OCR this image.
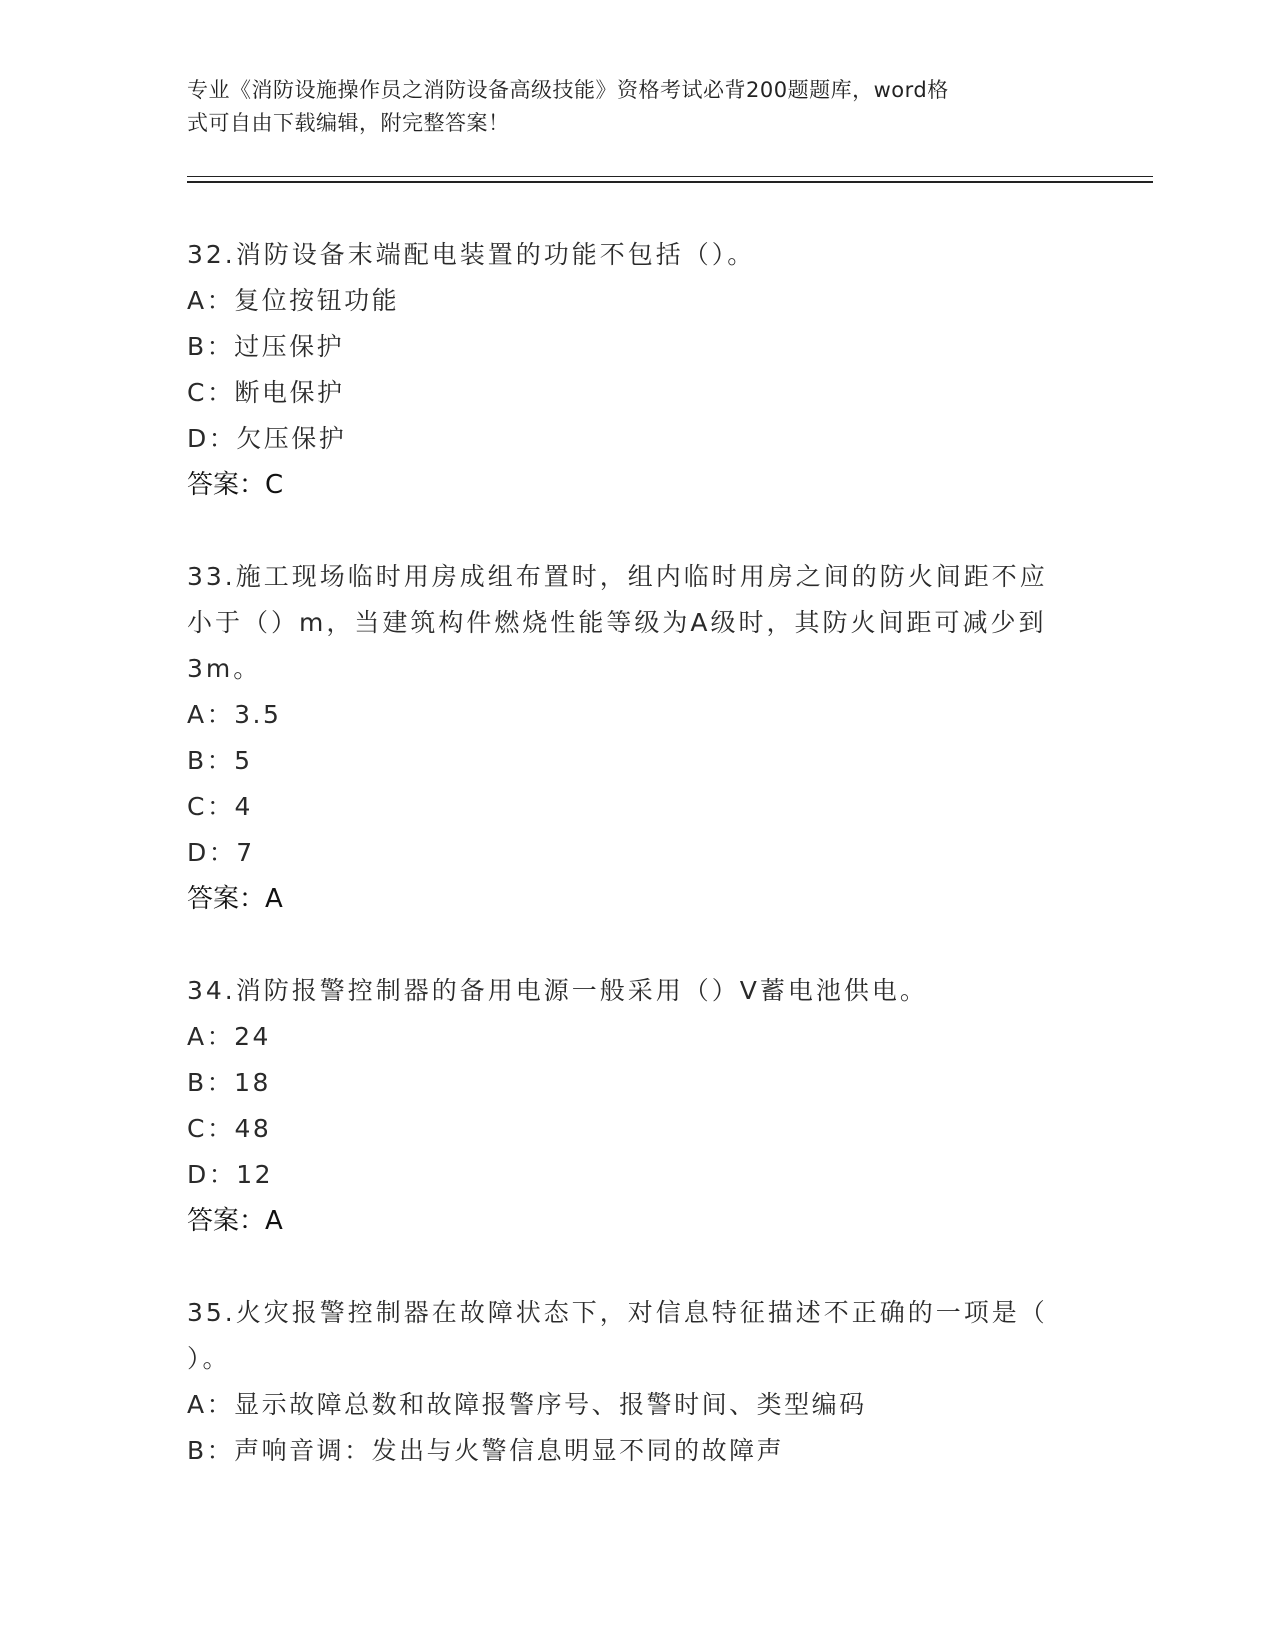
专业《消防设施操作员之消防设备高级技能》资格考试必背200题题库，word格
式可自由下载编辑，附完整答案！
32.消防设备末端配电装置的功能不包括（）。
A：复位按钮功能
B：过压保护
C：断电保护
D：欠压保护
答案：C
33.施工现场临时用房成组布置时，组内临时用房之间的防火间距不应
小于（）m，当建筑构件燃烧性能等级为A级时，其防火间距可减少到
3m。
A：3.5
B：5
C：4
D：7
答案：A
34.消防报警控制器的备用电源一般采用（）V蓄电池供电。
A：24
B：18
C：48
D：12
答案：A
35.火灾报警控制器在故障状态下，对信息特征描述不正确的一项是（
）。
A：显示故障总数和故障报警序号、报警时间、类型编码
B：声响音调：发出与火警信息明显不同的故障声
